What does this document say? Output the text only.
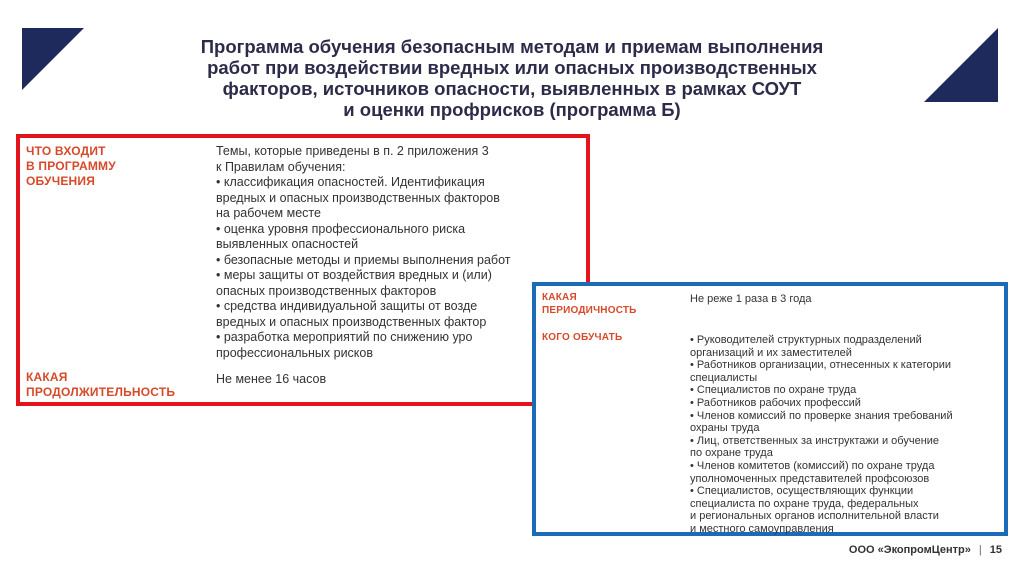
Программа обучения безопасным методам и приемам выполнения
работ при воздействии вредных или опасных производственных
факторов, источников опасности, выявленных в рамках СОУТ
и оценки профрисков (программа Б)
ЧТО ВХОДИТ
В ПРОГРАММУ
ОБУЧЕНИЯ
Темы, которые приведены в п. 2 приложения 3
к Правилам обучения:
• классификация опасностей. Идентификация
вредных и опасных производственных факторов
на рабочем месте
• оценка уровня профессионального риска
выявленных опасностей
• безопасные методы и приемы выполнения работ
• меры защиты от воздействия вредных и (или)
опасных производственных факторов
• средства индивидуальной защиты от возде
вредных и опасных производственных фактор
• разработка мероприятий по снижению уро
профессиональных рисков
КАКАЯ
ПРОДОЛЖИТЕЛЬНОСТЬ
Не менее 16 часов
КАКАЯ
ПЕРИОДИЧНОСТЬ
Не реже 1 раза в 3 года
КОГО ОБУЧАТЬ	• Руководителей структурных подразделений
организаций и их заместителей
• Работников организации, отнесенных к категории
специалисты
• Специалистов по охране труда
• Работников рабочих профессий
• Членов комиссий по проверке знания требований
охраны труда
• Лиц, ответственных за инструктажи и обучение
по охране труда
• Членов комитетов (комиссий) по охране труда
уполномоченных представителей профсоюзов
• Специалистов, осуществляющих функции
специалиста по охране труда, федеральных
и региональных органов исполнительной власти
и местного самоуправления
ООО «ЭкопромЦентр» | 15
